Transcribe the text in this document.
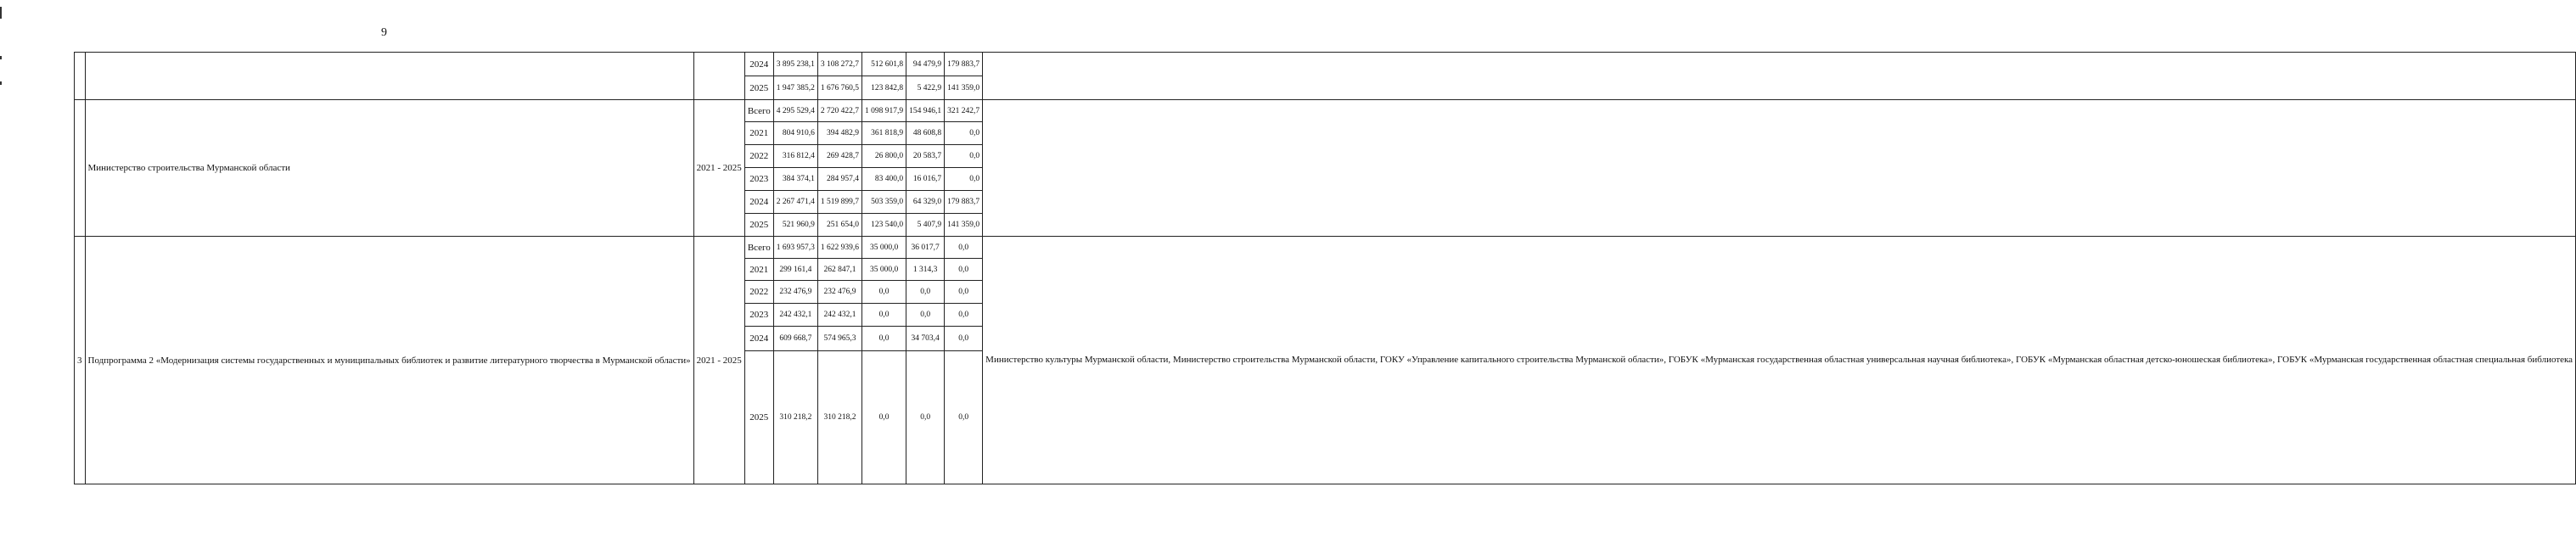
9
			2024	3 895 238,1	3 108 272,7	512 601,8	94 479,9	179 883,7	
			2025	1 947 385,2	1 676 760,5	123 842,8	5 422,9	141 359,0	
	Министерство строительства Мурманской области	2021 - 2025	Всего	4 295 529,4	2 720 422,7	1 098 917,9	154 946,1	321 242,7	
			2021	804 910,6	394 482,9	361 818,9	48 608,8	0,0	
			2022	316 812,4	269 428,7	26 800,0	20 583,7	0,0	
			2023	384 374,1	284 957,4	83 400,0	16 016,7	0,0	
			2024	2 267 471,4	1 519 899,7	503 359,0	64 329,0	179 883,7	
			2025	521 960,9	251 654,0	123 540,0	5 407,9	141 359,0	
3	Подпрограмма 2 «Модернизация системы государственных и муниципальных библиотек и развитие литературного творчества в Мурманской области»	2021 - 2025	Всего	1 693 957,3	1 622 939,6	35 000,0	36 017,7	0,0	Министерство культуры Мурманской области, Министерство строительства Мурманской области, ГОКУ «Управление капитального строительства Мурманской области», ГОБУК «Мурманская государственная областная универсальная научная библиотека», ГОБУК «Мурманская областная детско-юношеская библиотека», ГОБУК «Мурманская государственная областная специальная библиотека
			2021	299 161,4	262 847,1	35 000,0	1 314,3	0,0	
			2022	232 476,9	232 476,9	0,0	0,0	0,0	
			2023	242 432,1	242 432,1	0,0	0,0	0,0	
			2024	609 668,7	574 965,3	0,0	34 703,4	0,0	
			2025	310 218,2	310 218,2	0,0	0,0	0,0	
